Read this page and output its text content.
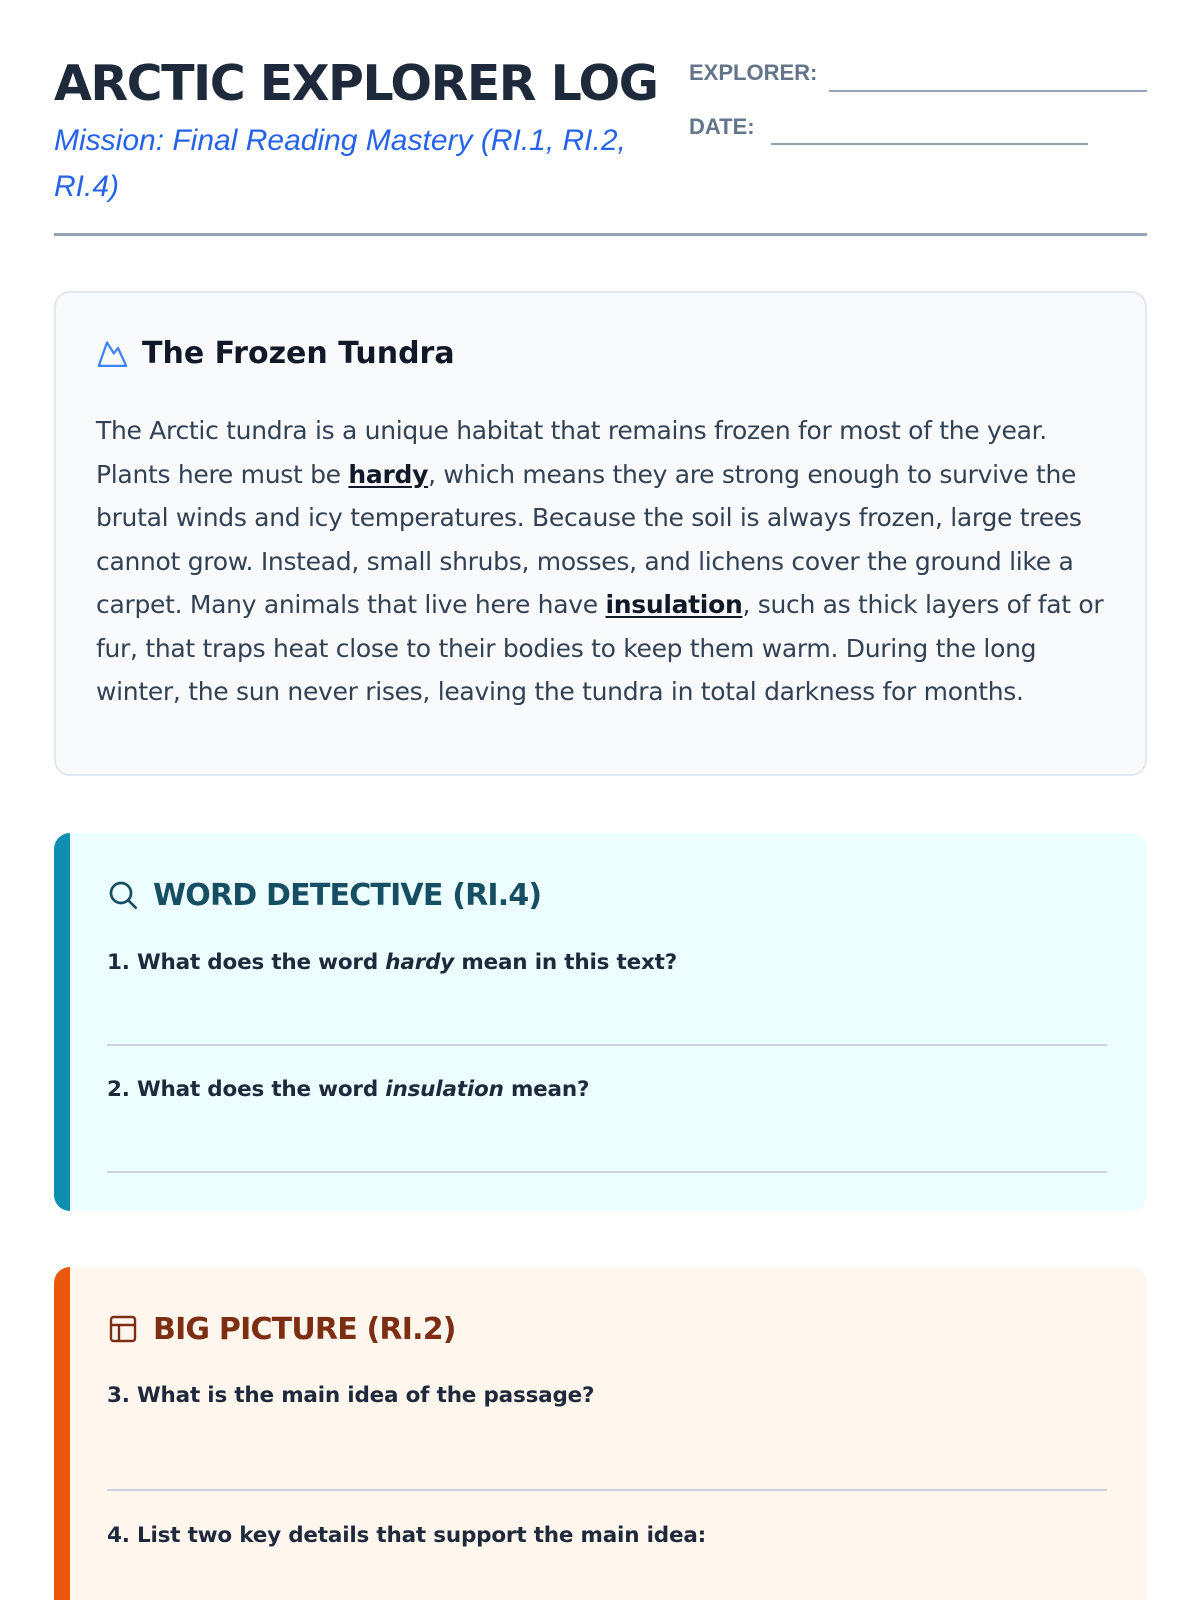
ARCTIC EXPLORER LOG
Mission: Final Reading Mastery (RI.1, RI.2, RI.4)
EXPLORER:
DATE:
The Frozen Tundra

The Arctic tundra is a unique habitat that remains frozen for most of the year. Plants here must be hardy, which means they are strong enough to survive the brutal winds and icy temperatures. Because the soil is always frozen, large trees cannot grow. Instead, small shrubs, mosses, and lichens cover the ground like a carpet. Many animals that live here have insulation, such as thick layers of fat or fur, that traps heat close to their bodies to keep them warm. During the long winter, the sun never rises, leaving the tundra in total darkness for months.

WORD DETECTIVE (RI.4)
1. What does the word hardy mean in this text?
2. What does the word insulation mean?
BIG PICTURE (RI.2)
3. What is the main idea of the passage?
4. List two key details that support the main idea:
